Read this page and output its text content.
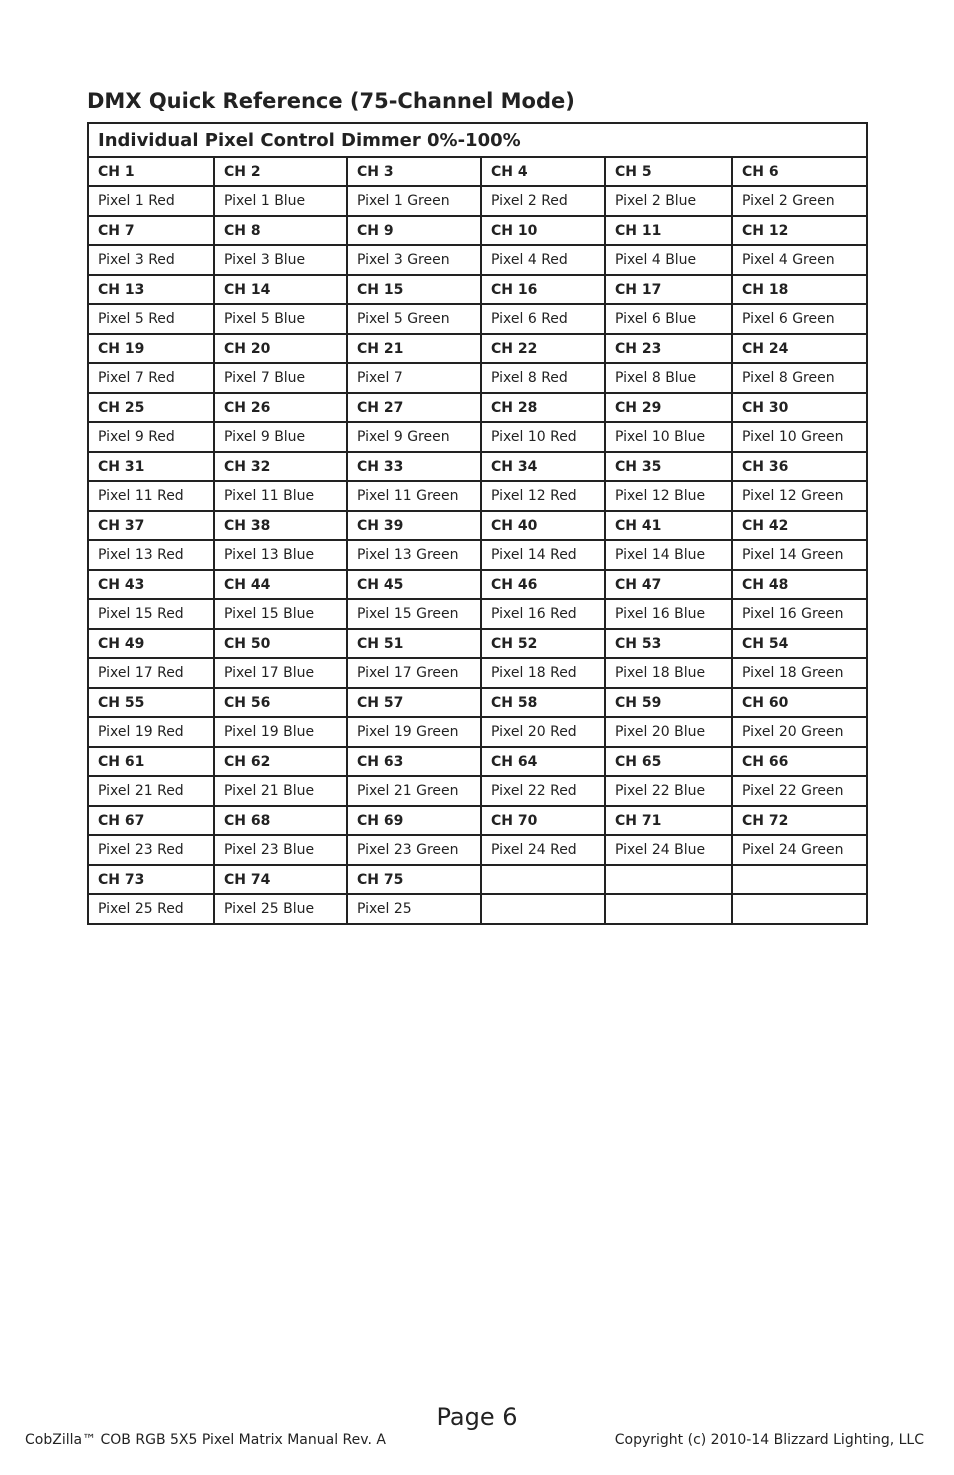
DMX Quick Reference (75-Channel Mode)
Individual Pixel Control Dimmer 0%-100%					
CH 1	CH 2	CH 3	CH 4	CH 5	CH 6
Pixel 1 Red	Pixel 1 Blue	Pixel 1 Green	Pixel 2 Red	Pixel 2 Blue	Pixel 2 Green
CH 7	CH 8	CH 9	CH 10	CH 11	CH 12
Pixel 3 Red	Pixel 3 Blue	Pixel 3 Green	Pixel 4 Red	Pixel 4 Blue	Pixel 4 Green
CH 13	CH 14	CH 15	CH 16	CH 17	CH 18
Pixel 5 Red	Pixel 5 Blue	Pixel 5 Green	Pixel 6 Red	Pixel 6 Blue	Pixel 6 Green
CH 19	CH 20	CH 21	CH 22	CH 23	CH 24
Pixel 7 Red	Pixel 7 Blue	Pixel 7	Pixel 8 Red	Pixel 8 Blue	Pixel 8 Green
CH 25	CH 26	CH 27	CH 28	CH 29	CH 30
Pixel 9 Red	Pixel 9 Blue	Pixel 9 Green	Pixel 10 Red	Pixel 10 Blue	Pixel 10 Green
CH 31	CH 32	CH 33	CH 34	CH 35	CH 36
Pixel 11 Red	Pixel 11 Blue	Pixel 11 Green	Pixel 12 Red	Pixel 12 Blue	Pixel 12 Green
CH 37	CH 38	CH 39	CH 40	CH 41	CH 42
Pixel 13 Red	Pixel 13 Blue	Pixel 13 Green	Pixel 14 Red	Pixel 14 Blue	Pixel 14 Green
CH 43	CH 44	CH 45	CH 46	CH 47	CH 48
Pixel 15 Red	Pixel 15 Blue	Pixel 15 Green	Pixel 16 Red	Pixel 16 Blue	Pixel 16 Green
CH 49	CH 50	CH 51	CH 52	CH 53	CH 54
Pixel 17 Red	Pixel 17 Blue	Pixel 17 Green	Pixel 18 Red	Pixel 18 Blue	Pixel 18 Green
CH 55	CH 56	CH 57	CH 58	CH 59	CH 60
Pixel 19 Red	Pixel 19 Blue	Pixel 19 Green	Pixel 20 Red	Pixel 20 Blue	Pixel 20 Green
CH 61	CH 62	CH 63	CH 64	CH 65	CH 66
Pixel 21 Red	Pixel 21 Blue	Pixel 21 Green	Pixel 22 Red	Pixel 22 Blue	Pixel 22 Green
CH 67	CH 68	CH 69	CH 70	CH 71	CH 72
Pixel 23 Red	Pixel 23 Blue	Pixel 23 Green	Pixel 24 Red	Pixel 24 Blue	Pixel 24 Green
CH 73	CH 74	CH 75			
Pixel 25 Red	Pixel 25 Blue	Pixel 25			
Page 6
CobZilla™ COB RGB 5X5 Pixel Matrix Manual Rev. A	Copyright (c) 2010-14 Blizzard Lighting, LLC
